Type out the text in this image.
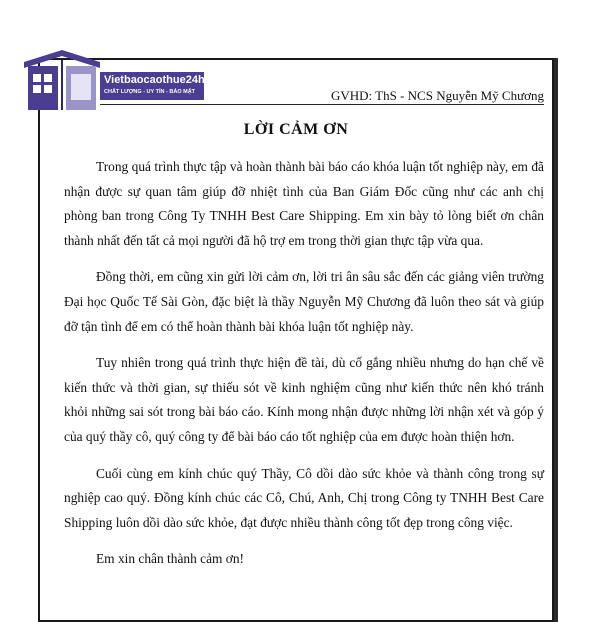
Vietbaocaothue24h
CHẤT LƯỢNG - UY TÍN - BẢO MẬT	GVHD: ThS - NCS Nguyễn Mỹ Chương
LỜI CẢM ƠN

Trong quá trình thực tập và hoàn thành bài báo cáo khóa luận tốt nghiệp này, em đã nhận được sự quan tâm giúp đỡ nhiệt tình của Ban Giám Đốc cũng như các anh chị phòng ban trong Công Ty TNHH Best Care Shipping. Em xin bày tỏ lòng biết ơn chân thành nhất đến tất cả mọi người đã hộ trợ em trong thời gian thực tập vừa qua.

Đồng thời, em cũng xin gửi lời cảm ơn, lời tri ân sâu sắc đến các giảng viên trường Đại học Quốc Tế Sài Gòn, đặc biệt là thầy Nguyễn Mỹ Chương đã luôn theo sát và giúp đỡ tận tình để em có thể hoàn thành bài khóa luận tốt nghiệp này.

Tuy nhiên trong quá trình thực hiện đề tài, dù cố gắng nhiều nhưng do hạn chế về kiến thức và thời gian, sự thiếu sót về kinh nghiệm cũng như kiến thức nên khó tránh khỏi những sai sót trong bài báo cáo. Kính mong nhận được những lời nhận xét và góp ý của quý thầy cô, quý công ty để bài báo cáo tốt nghiệp của em được hoàn thiện hơn.

Cuối cùng em kính chúc quý Thầy, Cô dồi dào sức khỏe và thành công trong sự nghiệp cao quý. Đồng kính chúc các Cô, Chú, Anh, Chị trong Công ty TNHH Best Care Shipping luôn dồi dào sức khỏe, đạt được nhiều thành công tốt đẹp trong công việc.

Em xin chân thành cảm ơn!
